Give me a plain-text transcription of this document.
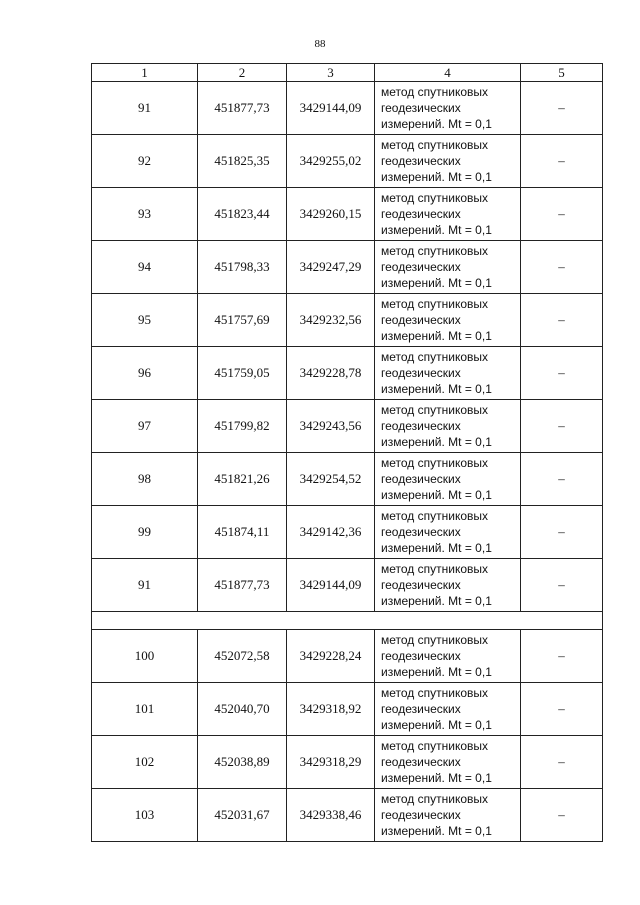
88
1	2	3	4	5
91	451877,73	3429144,09	метод спутниковых
геодезических
измерений. Mt = 0,1	–
92	451825,35	3429255,02	метод спутниковых
геодезических
измерений. Mt = 0,1	–
93	451823,44	3429260,15	метод спутниковых
геодезических
измерений. Mt = 0,1	–
94	451798,33	3429247,29	метод спутниковых
геодезических
измерений. Mt = 0,1	–
95	451757,69	3429232,56	метод спутниковых
геодезических
измерений. Mt = 0,1	–
96	451759,05	3429228,78	метод спутниковых
геодезических
измерений. Mt = 0,1	–
97	451799,82	3429243,56	метод спутниковых
геодезических
измерений. Mt = 0,1	–
98	451821,26	3429254,52	метод спутниковых
геодезических
измерений. Mt = 0,1	–
99	451874,11	3429142,36	метод спутниковых
геодезических
измерений. Mt = 0,1	–
91	451877,73	3429144,09	метод спутниковых
геодезических
измерений. Mt = 0,1	–

100	452072,58	3429228,24	метод спутниковых
геодезических
измерений. Mt = 0,1	–
101	452040,70	3429318,92	метод спутниковых
геодезических
измерений. Mt = 0,1	–
102	452038,89	3429318,29	метод спутниковых
геодезических
измерений. Mt = 0,1	–
103	452031,67	3429338,46	метод спутниковых
геодезических
измерений. Mt = 0,1	–
